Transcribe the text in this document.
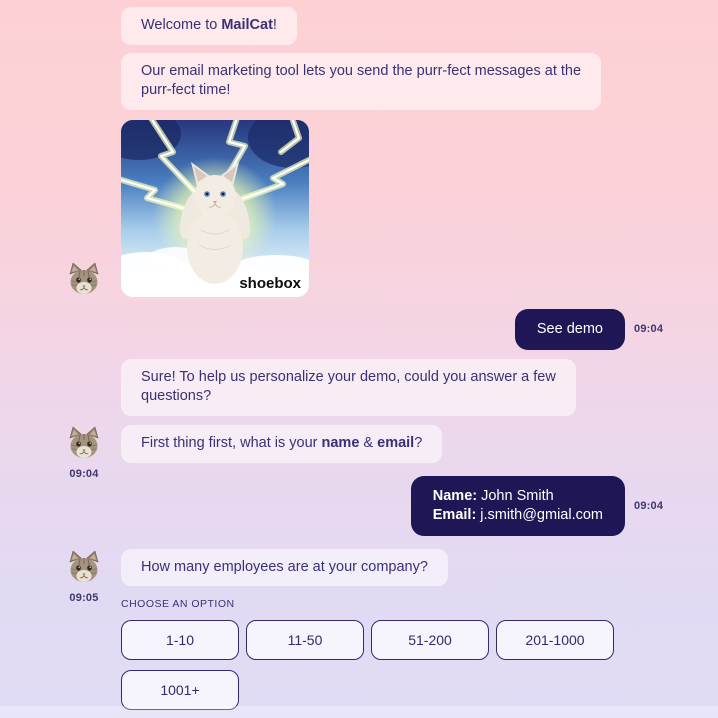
Welcome to MailCat!
Our email marketing tool lets you send the purr-fect messages at the
purr-fect time!
shoebox
See demo	09:04
Sure! To help us personalize your demo, could you answer a few
questions?
09:04
First thing first, what is your name & email?
Name: John Smith
Email: j.smith@gmial.com
09:04
09:05
How many employees are at your company?
CHOOSE AN OPTION
1-10	11-50	51-200	201-1000
1001+
